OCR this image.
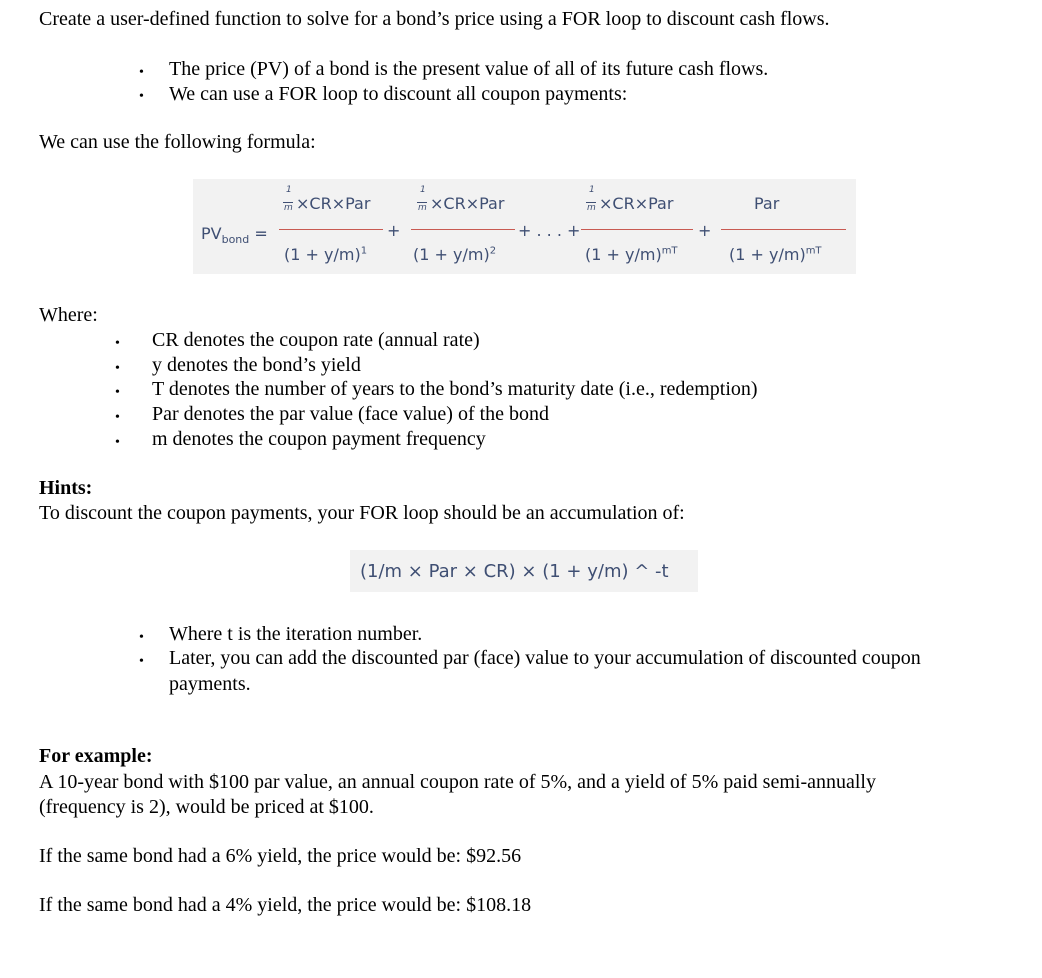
Create a user-defined function to solve for a bond’s price using a FOR loop to discount cash flows.
• The price (PV) of a bond is the present value of all of its future cash flows.
• We can use a FOR loop to discount all coupon payments:
We can use the following formula:
$PV_{bond}$ =
1
m ×CR×Par
$(1 + y/m)^1$
+
1
m ×CR×Par
$(1 + y/m)^2$
+ . . . +
1
m ×CR×Par
$(1 + y/m)^{mT}$
+
Par
$(1 + y/m)^{mT}$
Where:
• CR denotes the coupon rate (annual rate)
• y denotes the bond’s yield
• T denotes the number of years to the bond’s maturity date (i.e., redemption)
• Par denotes the par value (face value) of the bond
• m denotes the coupon payment frequency
Hints:
To discount the coupon payments, your FOR loop should be an accumulation of:
(1/m × Par × CR) × (1 + y/m) ^ -t
• Where t is the iteration number.
• Later, you can add the discounted par (face) value to your accumulation of discounted coupon
payments.
For example:
A 10-year bond with $100 par value, an annual coupon rate of 5%, and a yield of 5% paid semi-annually
(frequency is 2), would be priced at $100.
If the same bond had a 6% yield, the price would be: $92.56
If the same bond had a 4% yield, the price would be: $108.18
